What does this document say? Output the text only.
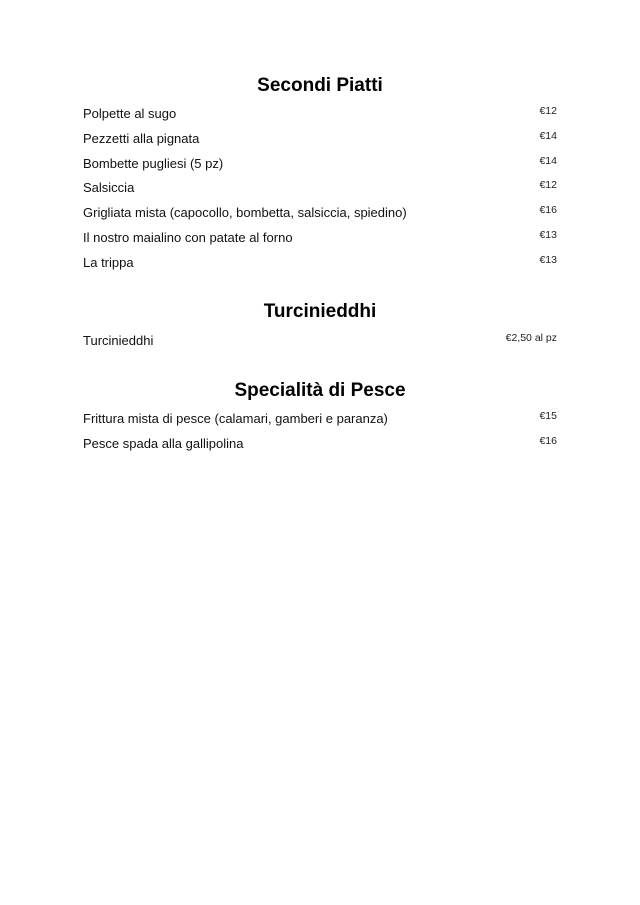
Secondi Piatti
Polpette al sugo	€12
Pezzetti alla pignata	€14
Bombette pugliesi (5 pz)	€14
Salsiccia	€12
Grigliata mista (capocollo, bombetta, salsiccia, spiedino)	€16
Il nostro maialino con patate al forno	€13
La trippa	€13
Turcinieddhi
Turcinieddhi	€2,50 al pz
Specialità di Pesce
Frittura mista di pesce (calamari, gamberi e paranza)	€15
Pesce spada alla gallipolina	€16
